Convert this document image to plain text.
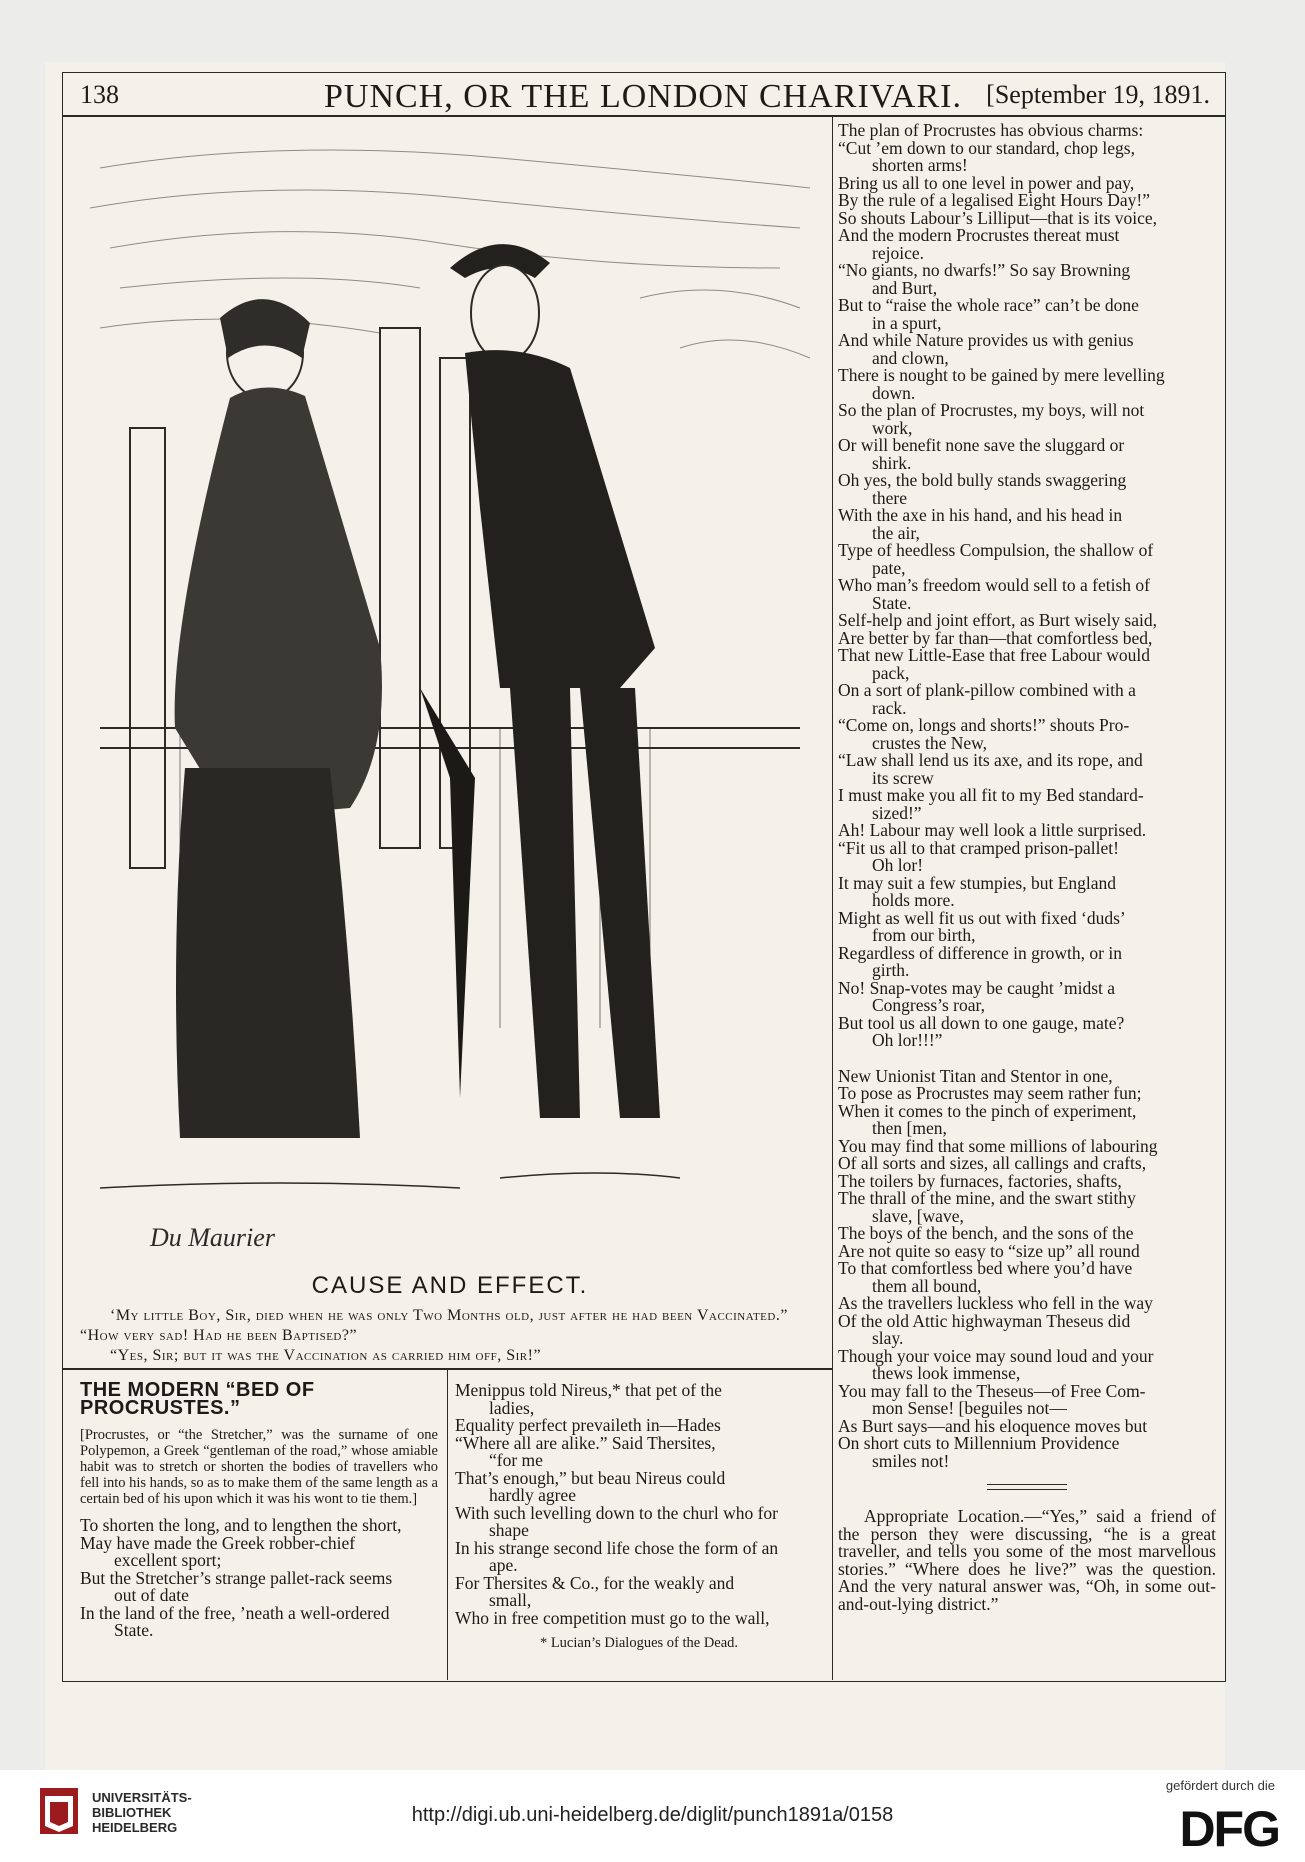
138	PUNCH, OR THE LONDON CHARIVARI. [September 19, 1891.
Du Maurier
CAUSE AND EFFECT.

‘My little Boy, Sir, died when he was only Two Months old, just after he had been Vaccinated.” “How very sad! Had he been Baptised?”

“Yes, Sir; but it was the Vaccination as carried him off, Sir!”

THE MODERN “BED OF PROCRUSTES.”
[Procrustes, or “the Stretcher,” was the surname of one Polypemon, a Greek “gentleman of the road,” whose amiable habit was to stretch or shorten the bodies of travellers who fell into his hands, so as to make them of the same length as a certain bed of his upon which it was his wont to tie them.]

To shorten the long, and to lengthen the short,

May have made the Greek robber-chief

excellent sport;

But the Stretcher’s strange pallet-rack seems

out of date

In the land of the free, ’neath a well-ordered

State.

Menippus told Nireus,* that pet of the

ladies,

Equality perfect prevaileth in—Hades

“Where all are alike.” Said Thersites,

“for me

That’s enough,” but beau Nireus could

hardly agree

With such levelling down to the churl who for

shape

In his strange second life chose the form of an

ape.

For Thersites & Co., for the weakly and

small,

Who in free competition must go to the wall,

* Lucian’s Dialogues of the Dead.

The plan of Procrustes has obvious charms:

“Cut ’em down to our standard, chop legs,

shorten arms!

Bring us all to one level in power and pay,

By the rule of a legalised Eight Hours Day!”

So shouts Labour’s Lilliput—that is its voice,

And the modern Procrustes thereat must

rejoice.

“No giants, no dwarfs!” So say Browning

and Burt,

But to “raise the whole race” can’t be done

in a spurt,

And while Nature provides us with genius

and clown,

There is nought to be gained by mere levelling

down.

So the plan of Procrustes, my boys, will not

work,

Or will benefit none save the sluggard or

shirk.

Oh yes, the bold bully stands swaggering

there

With the axe in his hand, and his head in

the air,

Type of heedless Compulsion, the shallow of

pate,

Who man’s freedom would sell to a fetish of

State.

Self-help and joint effort, as Burt wisely said,

Are better by far than—that comfortless bed,

That new Little-Ease that free Labour would

pack,

On a sort of plank-pillow combined with a

rack.

“Come on, longs and shorts!” shouts Pro-

crustes the New,

“Law shall lend us its axe, and its rope, and

its screw

I must make you all fit to my Bed standard-

sized!”

Ah! Labour may well look a little surprised.

“Fit us all to that cramped prison-pallet!

Oh lor!

It may suit a few stumpies, but England

holds more.

Might as well fit us out with fixed ‘duds’

from our birth,

Regardless of difference in growth, or in

girth.

No! Snap-votes may be caught ’midst a

Congress’s roar,

But tool us all down to one gauge, mate?

Oh lor!!!”

New Unionist Titan and Stentor in one,

To pose as Procrustes may seem rather fun;

When it comes to the pinch of experiment,

then [men,

You may find that some millions of labouring

Of all sorts and sizes, all callings and crafts,

The toilers by furnaces, factories, shafts,

The thrall of the mine, and the swart stithy

slave, [wave,

The boys of the bench, and the sons of the

Are not quite so easy to “size up” all round

To that comfortless bed where you’d have

them all bound,

As the travellers luckless who fell in the way

Of the old Attic highwayman Theseus did

slay.

Though your voice may sound loud and your

thews look immense,

You may fall to the Theseus—of Free Com-

mon Sense! [beguiles not—

As Burt says—and his eloquence moves but

On short cuts to Millennium Providence

smiles not!

Appropriate Location.—“Yes,” said a friend of the person they were discussing, “he is a great traveller, and tells you some of the most marvellous stories.” “Where does he live?” was the question. And the very natural answer was, “Oh, in some out-and-out-lying district.”
UNIVERSITÄTS-
BIBLIOTHEK
HEIDELBERG
http://digi.ub.uni-heidelberg.de/diglit/punch1891a/0158
gefördert durch die
DFG
